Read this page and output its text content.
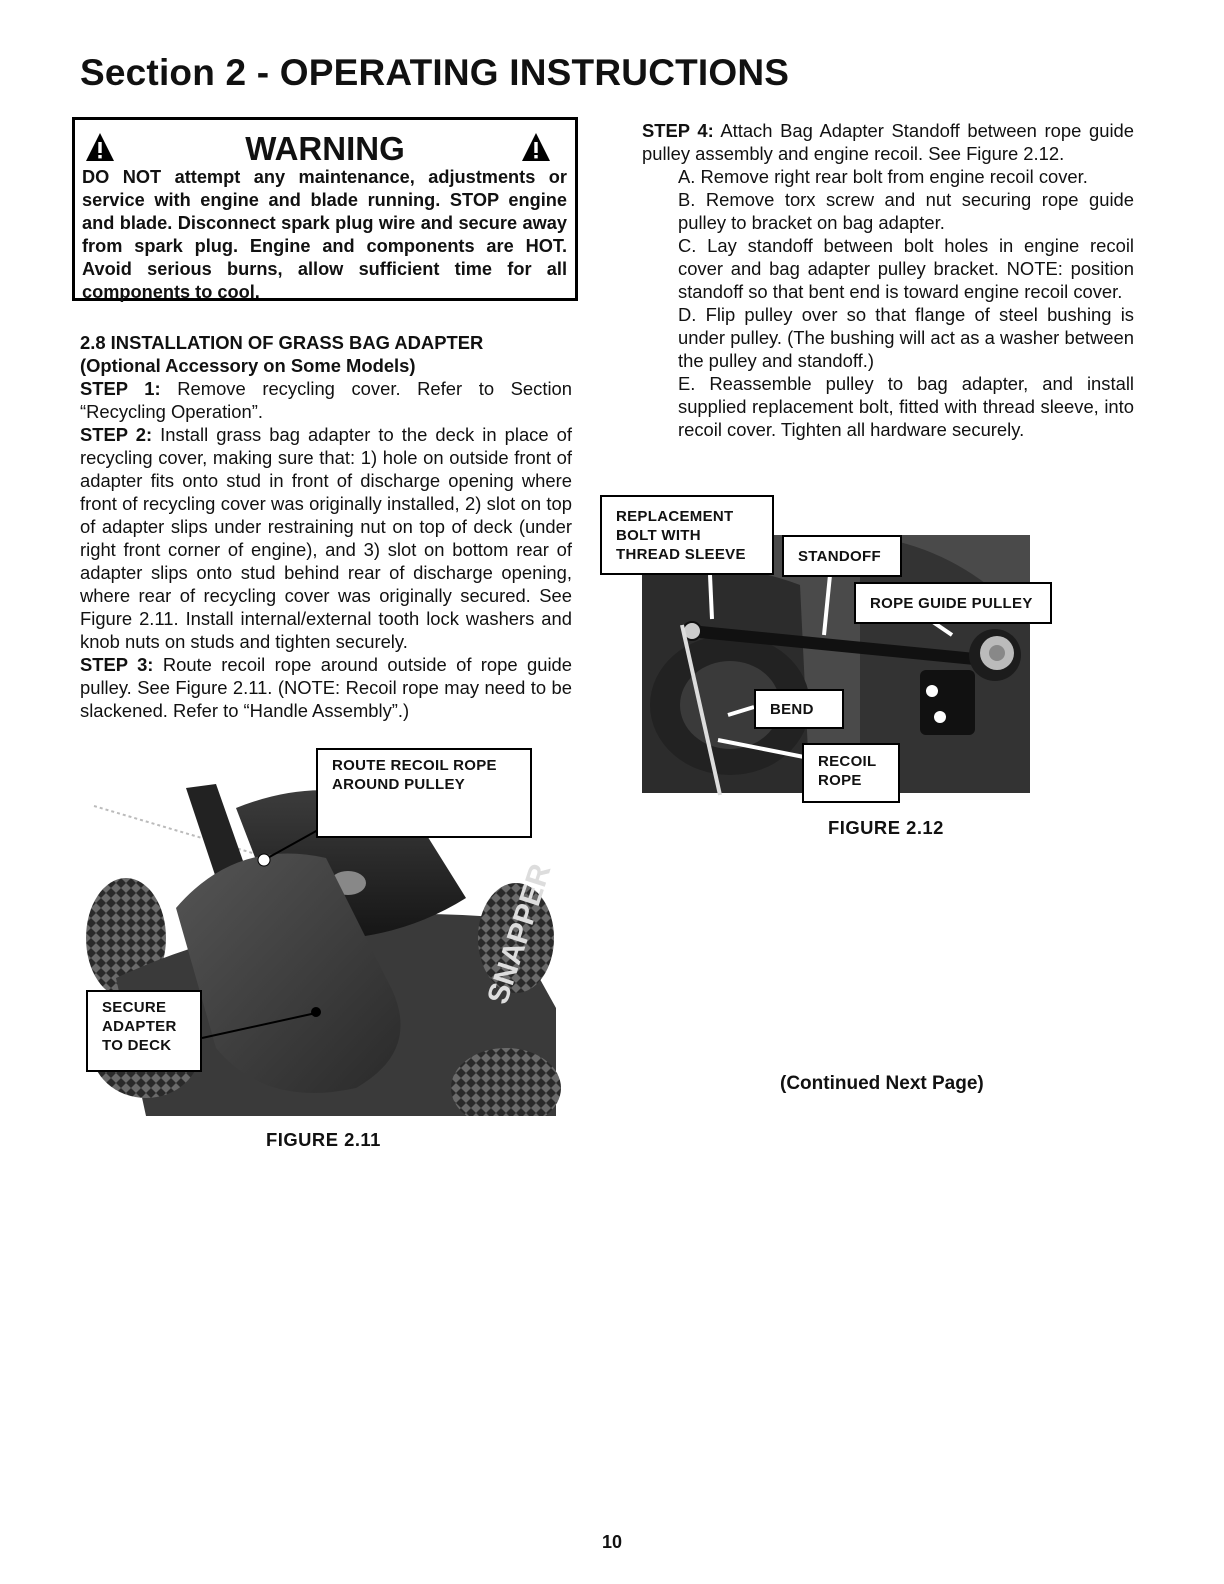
Section 2 - OPERATING INSTRUCTIONS
WARNING
DO NOT attempt any maintenance, adjustments or service with engine and blade running. STOP engine and blade. Disconnect spark plug wire and secure away from spark plug. Engine and components are HOT. Avoid serious burns, allow sufficient time for all components to cool.
2.8 INSTALLATION OF GRASS BAG ADAPTER
(Optional Accessory on Some Models)

STEP 1: Remove recycling cover. Refer to Section “Recycling Operation”.

STEP 2: Install grass bag adapter to the deck in place of recycling cover, making sure that: 1) hole on outside front of adapter fits onto stud in front of discharge opening where front of recycling cover was originally installed, 2) slot on top of adapter slips under restraining nut on top of deck (under right front corner of engine), and 3) slot on bottom rear of adapter slips onto stud behind rear of discharge opening, where rear of recycling cover was originally secured. See Figure 2.11. Install internal/external tooth lock washers and knob nuts on studs and tighten securely.

STEP 3: Route recoil rope around outside of rope guide pulley. See Figure 2.11. (NOTE: Recoil rope may need to be slackened. Refer to “Handle Assembly”.)

STEP 4: Attach Bag Adapter Standoff between rope guide pulley assembly and engine recoil. See Figure 2.12.

A. Remove right rear bolt from engine recoil cover.

B. Remove torx screw and nut securing rope guide pulley to bracket on bag adapter.

C. Lay standoff between bolt holes in engine recoil cover and bag adapter pulley bracket. NOTE: position standoff so that bent end is toward engine recoil cover.

D. Flip pulley over so that flange of steel bushing is under pulley. (The bushing will act as a washer between the pulley and standoff.)

E. Reassemble pulley to bag adapter, and install supplied replacement bolt, fitted with thread sleeve, into recoil cover. Tighten all hardware securely.

SNAPPER
ROUTE RECOIL ROPE
AROUND PULLEY
SECURE
ADAPTER
TO DECK
FIGURE 2.11
REPLACEMENT
BOLT WITH
THREAD SLEEVE	STANDOFF
ROPE GUIDE PULLEY
BEND
RECOIL
ROPE
FIGURE 2.12
(Continued Next Page)
10
